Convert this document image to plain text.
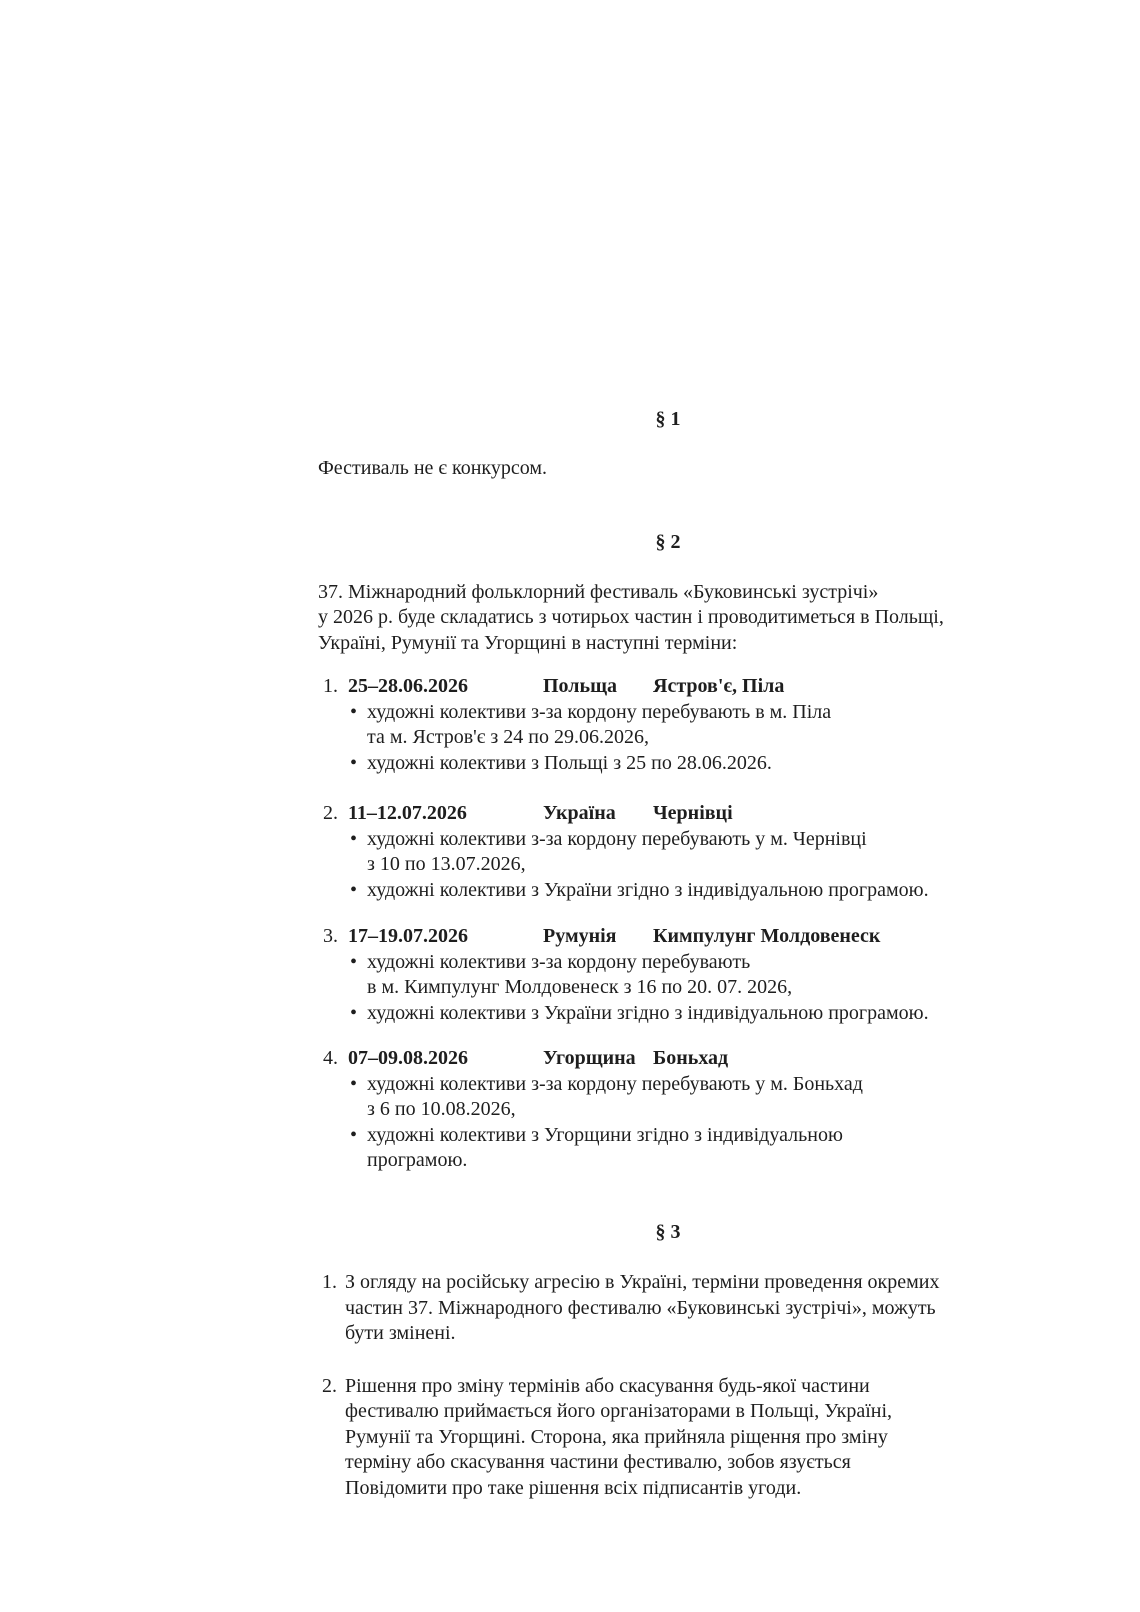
§ 1

Фестиваль не є конкурсом.

§ 2
37. Міжнародний фольклорний фестиваль «Буковинські зустрічі»
у 2026 р. буде складатись з чотирьох частин і проводитиметься в Польщі,
Україні, Румунії та Угорщині в наступні терміни:
1. 25–28.06.2026	Польща	Ястров'є, Піла
• художні колективи з-за кордону перебувають в м. Піла
та м. Ястров'є з 24 по 29.06.2026,
• художні колективи з Польщі з 25 по 28.06.2026.
2. 11–12.07.2026	Україна	Чернівці
• художні колективи з-за кордону перебувають у м. Чернівці
з 10 по 13.07.2026,
• художні колективи з України згідно з індивідуальною програмою.
3. 17–19.07.2026	Румунія	Кимпулунг Молдовенеск
• художні колективи з-за кордону перебувають
в м. Кимпулунг Молдовенеск з 16 по 20. 07. 2026,
• художні колективи з України згідно з індивідуальною програмою.
4. 07–09.08.2026	Угорщина Боньхад
• художні колективи з-за кордону перебувають у м. Боньхад
з 6 по 10.08.2026,
• художні колективи з Угорщини згідно з індивідуальною
програмою.
§ 3
1. З огляду на російську агресію в Україні, терміни проведення окремих
частин 37. Міжнародного фестивалю «Буковинські зустрічі», можуть
бути змінені.
2. Рішення про зміну термінів або скасування будь-якої частини
фестивалю приймається його організаторами в Польщі, Україні,
Румунії та Угорщині. Сторона, яка прийняла ріщення про зміну
терміну або скасування частини фестивалю, зобов язується
Повідомити про таке рішення всіх підписантів угоди.
